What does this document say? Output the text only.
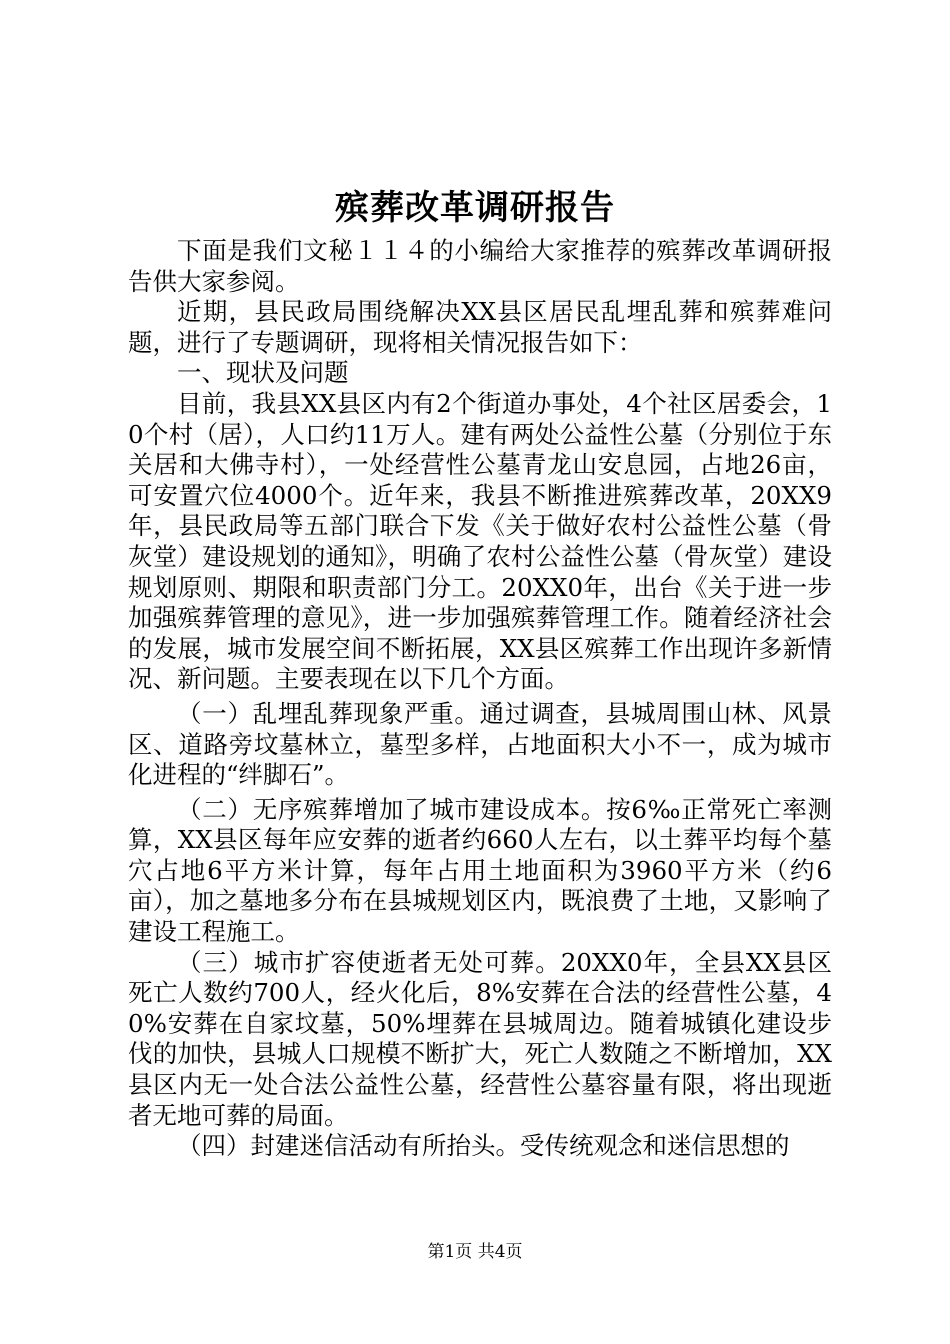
殡葬改革调研报告

下面是我们文秘１１４的小编给大家推荐的殡葬改革调研报告供大家参阅。

近期，县民政局围绕解决XX县区居民乱埋乱葬和殡葬难问题，进行了专题调研，现将相关情况报告如下：

一、现状及问题

目前，我县XX县区内有2个街道办事处，4个社区居委会，10个村（居），人口约11万人。建有两处公益性公墓（分别位于东关居和大佛寺村），一处经营性公墓青龙山安息园，占地26亩，可安置穴位4000个。近年来，我县不断推进殡葬改革，20XX9年，县民政局等五部门联合下发《关于做好农村公益性公墓（骨灰堂）建设规划的通知》，明确了农村公益性公墓（骨灰堂）建设规划原则、期限和职责部门分工。20XX0年，出台《关于进一步加强殡葬管理的意见》，进一步加强殡葬管理工作。随着经济社会的发展，城市发展空间不断拓展，XX县区殡葬工作出现许多新情况、新问题。主要表现在以下几个方面。

（一）乱埋乱葬现象严重。通过调查，县城周围山林、风景区、道路旁坟墓林立，墓型多样，占地面积大小不一，成为城市化进程的“绊脚石”。

（二）无序殡葬增加了城市建设成本。按6‰正常死亡率测算，XX县区每年应安葬的逝者约660人左右，以土葬平均每个墓穴占地6平方米计算，每年占用土地面积为3960平方米（约6亩），加之墓地多分布在县城规划区内，既浪费了土地，又影响了建设工程施工。

（三）城市扩容使逝者无处可葬。20XX0年，全县XX县区死亡人数约700人，经火化后，8%安葬在合法的经营性公墓，40%安葬在自家坟墓，50%埋葬在县城周边。随着城镇化建设步伐的加快，县城人口规模不断扩大，死亡人数随之不断增加，XX县区内无一处合法公益性公墓，经营性公墓容量有限，将出现逝者无地可葬的局面。

（四）封建迷信活动有所抬头。受传统观念和迷信思想的

第1页 共4页
